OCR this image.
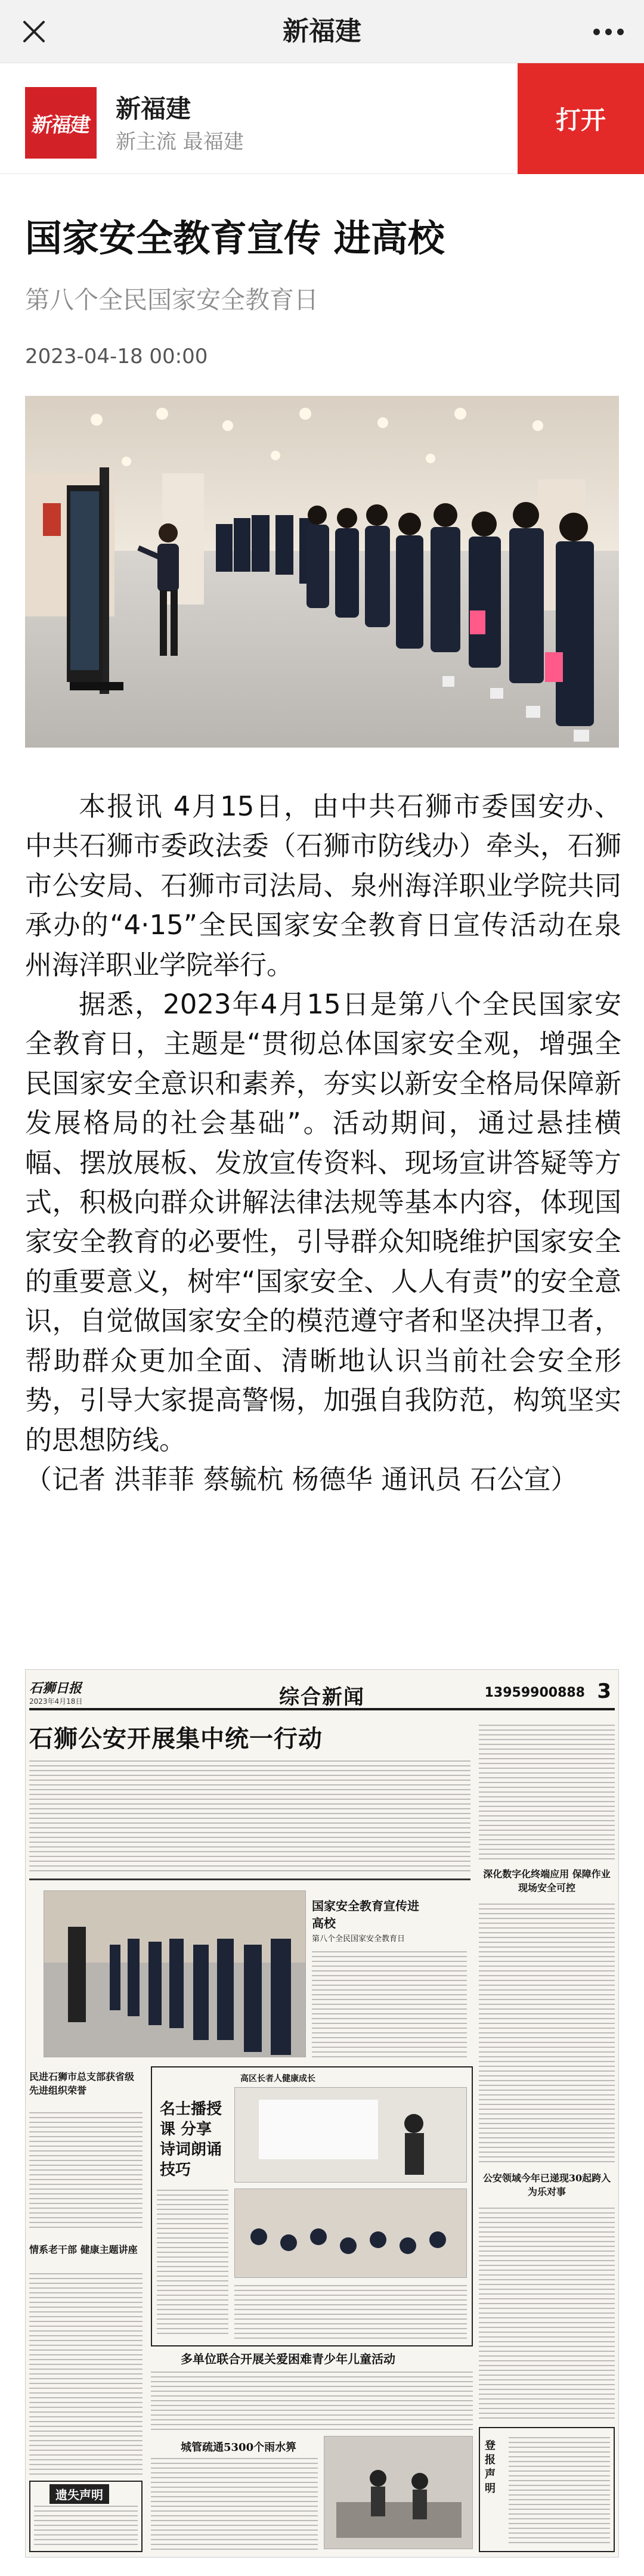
新福建
新福建
新福建
新主流 最福建
打开
国家安全教育宣传 进高校
第八个全民国家安全教育日
2023-04-18 00:00

本报讯 4月15日，由中共石狮市委国安办、中共石狮市委政法委（石狮市防线办）牵头，石狮市公安局、石狮市司法局、泉州海洋职业学院共同承办的“4·15”全民国家安全教育日宣传活动在泉州海洋职业学院举行。

据悉，2023年4月15日是第八个全民国家安全教育日，主题是“贯彻总体国家安全观，增强全民国家安全意识和素养，夯实以新安全格局保障新发展格局的社会基础”。活动期间，通过悬挂横幅、摆放展板、发放宣传资料、现场宣讲答疑等方式，积极向群众讲解法律法规等基本内容，体现国家安全教育的必要性，引导群众知晓维护国家安全的重要意义，树牢“国家安全、人人有责”的安全意识，自觉做国家安全的模范遵守者和坚决捍卫者，帮助群众更加全面、清晰地认识当前社会安全形势，引导大家提高警惕，加强自我防范，构筑坚实的思想防线。

（记者 洪菲菲 蔡毓杭 杨德华 通讯员 石公宣）

石狮日报
2023年4月18日	综合新闻	13959900888 3
石狮公安开展集中统一行动
国家安全教育宣传进高校
第八个全民国家安全教育日
深化数字化终端应用 保障作业现场安全可控
民进石狮市总支部获省级先进组织荣誉
情系老干部 健康主题讲座
高区长者人健康成长
名士播授课 分享诗词朗诵技巧	公安领域今年已递现30起跨入为乐对事
多单位联合开展关爱困难青少年儿童活动
城管疏通5300个雨水箅
遗失声明
登报声明
